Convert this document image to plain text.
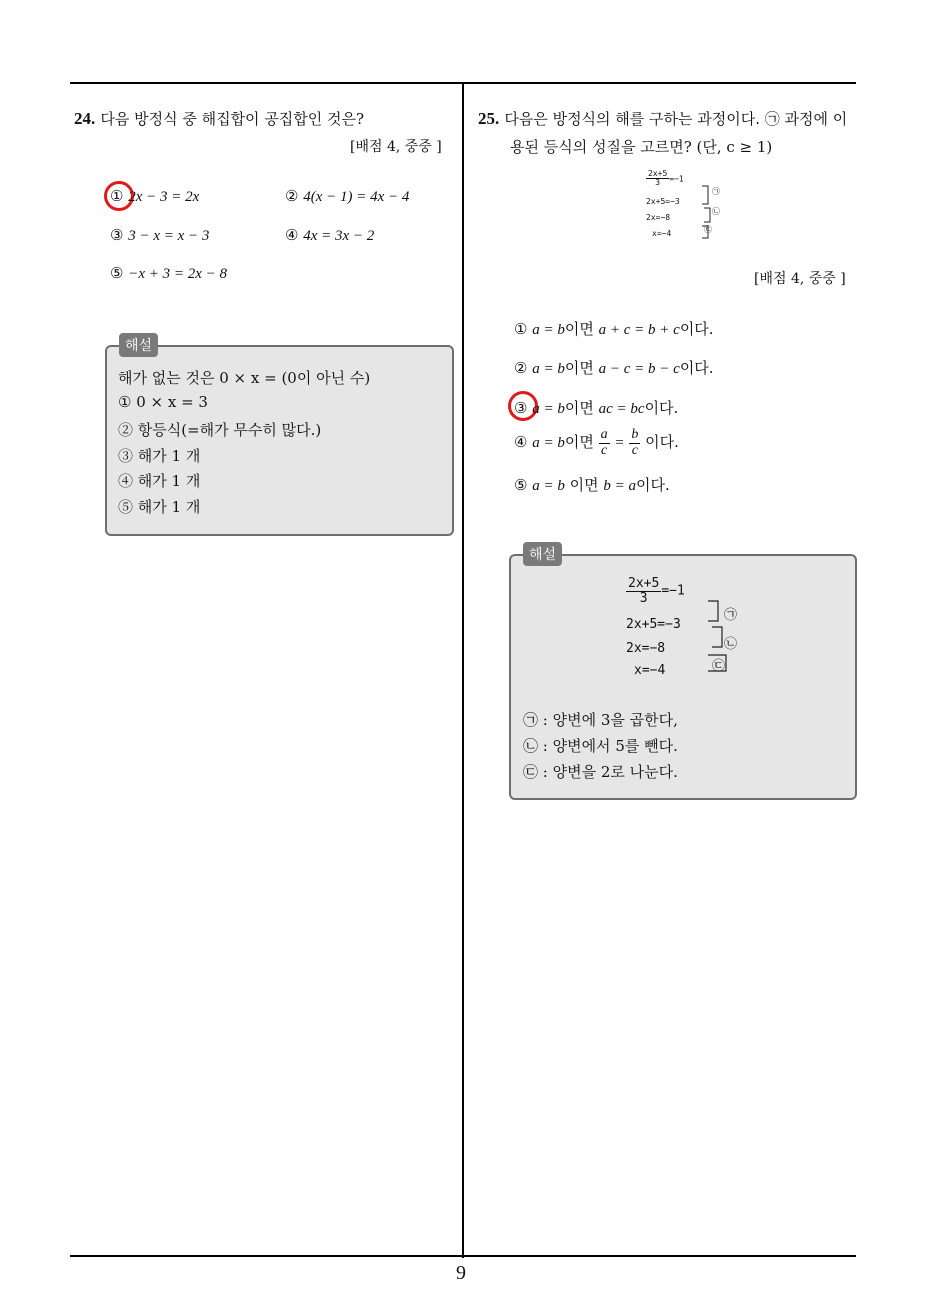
9
24. 다음 방정식 중 해집합이 공집합인 것은?
[배점 4, 중중 ]
① 2x − 3 = 2x	② 4(x − 1) = 4x − 4
③ 3 − x = x − 3	④ 4x = 3x − 2
⑤ −x + 3 = 2x − 8
해설
해가 없는 것은 0 × x = (0이 아닌 수)
① 0 × x = 3
② 항등식(=해가 무수히 많다.)
③ 해가 1 개
④ 해가 1 개
⑤ 해가 1 개
25. 다음은 방정식의 해를 구하는 과정이다. ㉠ 과정에 이
용된 등식의 성질을 고르면? (단, c ≥ 1)
$\frac{2x+5}{3} =-1$
2x+5=−3
2x=−8
x=−4
㉠
㉡
㉢
[배점 4, 중중 ]
① a = b이면 a + c = b + c이다.
② a = b이면 a − c = b − c이다.
③ a = b이면 ac = bc이다.
④ a = b이면 $\frac{a}{c} = \frac{b}{c}$ 이다.
⑤ a = b 이면 b = a이다.
해설
$\frac{2x+5}{3} =-1$
2x+5=−3
2x=−8
x=−4
㉠
㉡
㉢
㉠ : 양변에 3을 곱한다,
㉡ : 양변에서 5를 뺀다.
㉢ : 양변을 2로 나눈다.
